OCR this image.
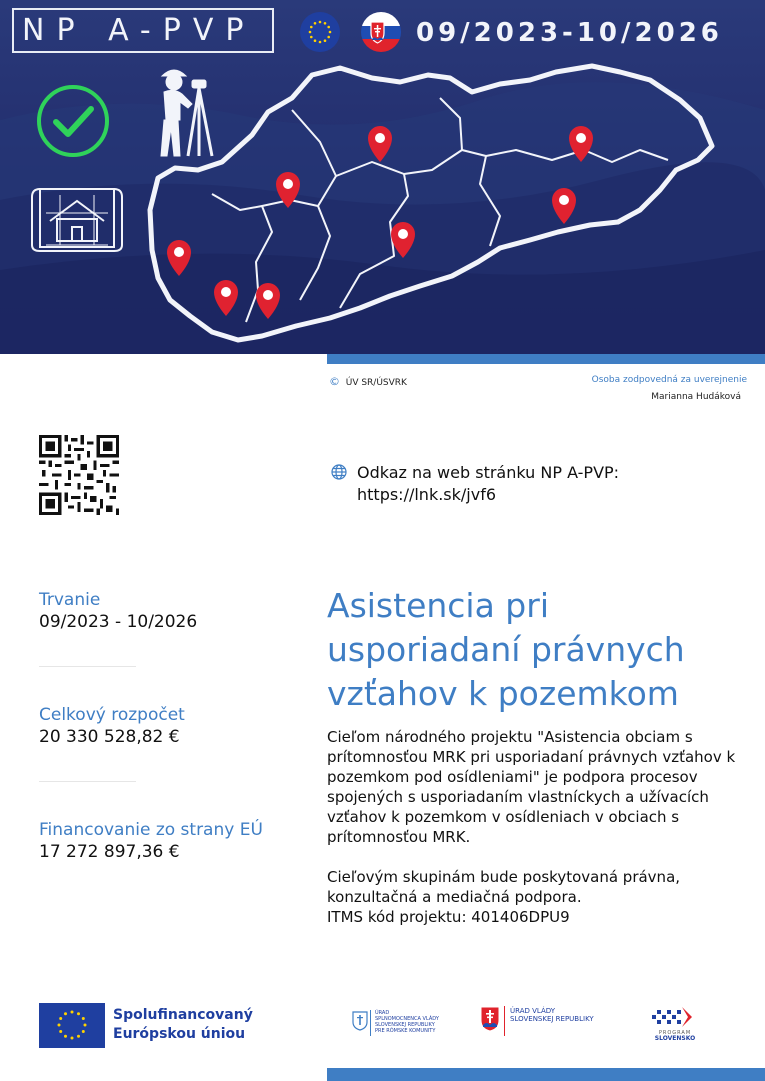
NP A-PVP	09/2023-10/2026
© ÚV SR/ÚSVRK	Osoba zodpovedná za uverejnenie
Marianna Hudáková
Odkaz na web stránku NP A-PVP:
https://lnk.sk/jvf6
Trvanie
09/2023 - 10/2026
Celkový rozpočet
20 330 528,82 €
Financovanie zo strany EÚ
17 272 897,36 €
Asistencia pri usporiadaní právnych vzťahov k pozemkom
Cieľom národného projektu "Asistencia obciam s prítomnosťou MRK pri usporiadaní právnych vzťahov k pozemkom pod osídleniami" je podpora procesov spojených s usporiadaním vlastníckych a užívacích vzťahov k pozemkom v osídleniach v obciach s prítomnosťou MRK.
Cieľovým skupinám bude poskytovaná právna, konzultačná a mediačná podpora.
ITMS kód projektu: 401406DPU9
Spolufinancovaný
Európskou úniou
ÚRAD
SPLNOMOCNENCA VLÁDY
SLOVENSKEJ REPUBLIKY
PRE RÓMSKE KOMUNITY
ÚRAD VLÁDY
SLOVENSKEJ REPUBLIKY
PROGRAM
SLOVENSKO
